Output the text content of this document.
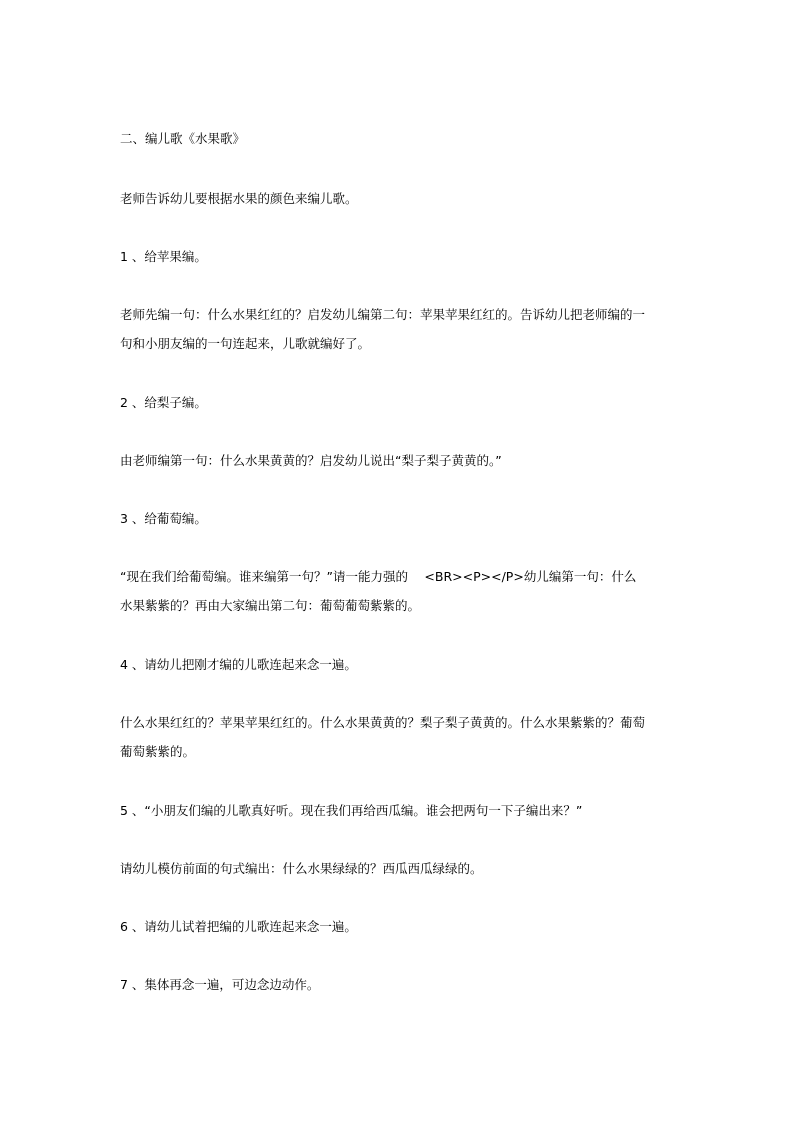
二、编儿歌《水果歌》
老师告诉幼儿要根据水果的颜色来编儿歌。
1 、给苹果编。
老师先编一句：什么水果红红的？启发幼儿编第二句：苹果苹果红红的。告诉幼儿把老师编的一
句和小朋友编的一句连起来，儿歌就编好了。
2 、给梨子编。
由老师编第一句：什么水果黄黄的？启发幼儿说出“梨子梨子黄黄的。”
3 、给葡萄编。
“现在我们给葡萄编。谁来编第一句？”请一能力强的　 <BR><P></P>幼儿编第一句：什么
水果紫紫的？再由大家编出第二句：葡萄葡萄紫紫的。
4 、请幼儿把刚才编的儿歌连起来念一遍。
什么水果红红的？苹果苹果红红的。什么水果黄黄的？梨子梨子黄黄的。什么水果紫紫的？葡萄
葡萄紫紫的。
5 、“小朋友们编的儿歌真好听。现在我们再给西瓜编。谁会把两句一下子编出来？”
请幼儿模仿前面的句式编出：什么水果绿绿的？西瓜西瓜绿绿的。
6 、请幼儿试着把编的儿歌连起来念一遍。
7 、集体再念一遍，可边念边动作。
